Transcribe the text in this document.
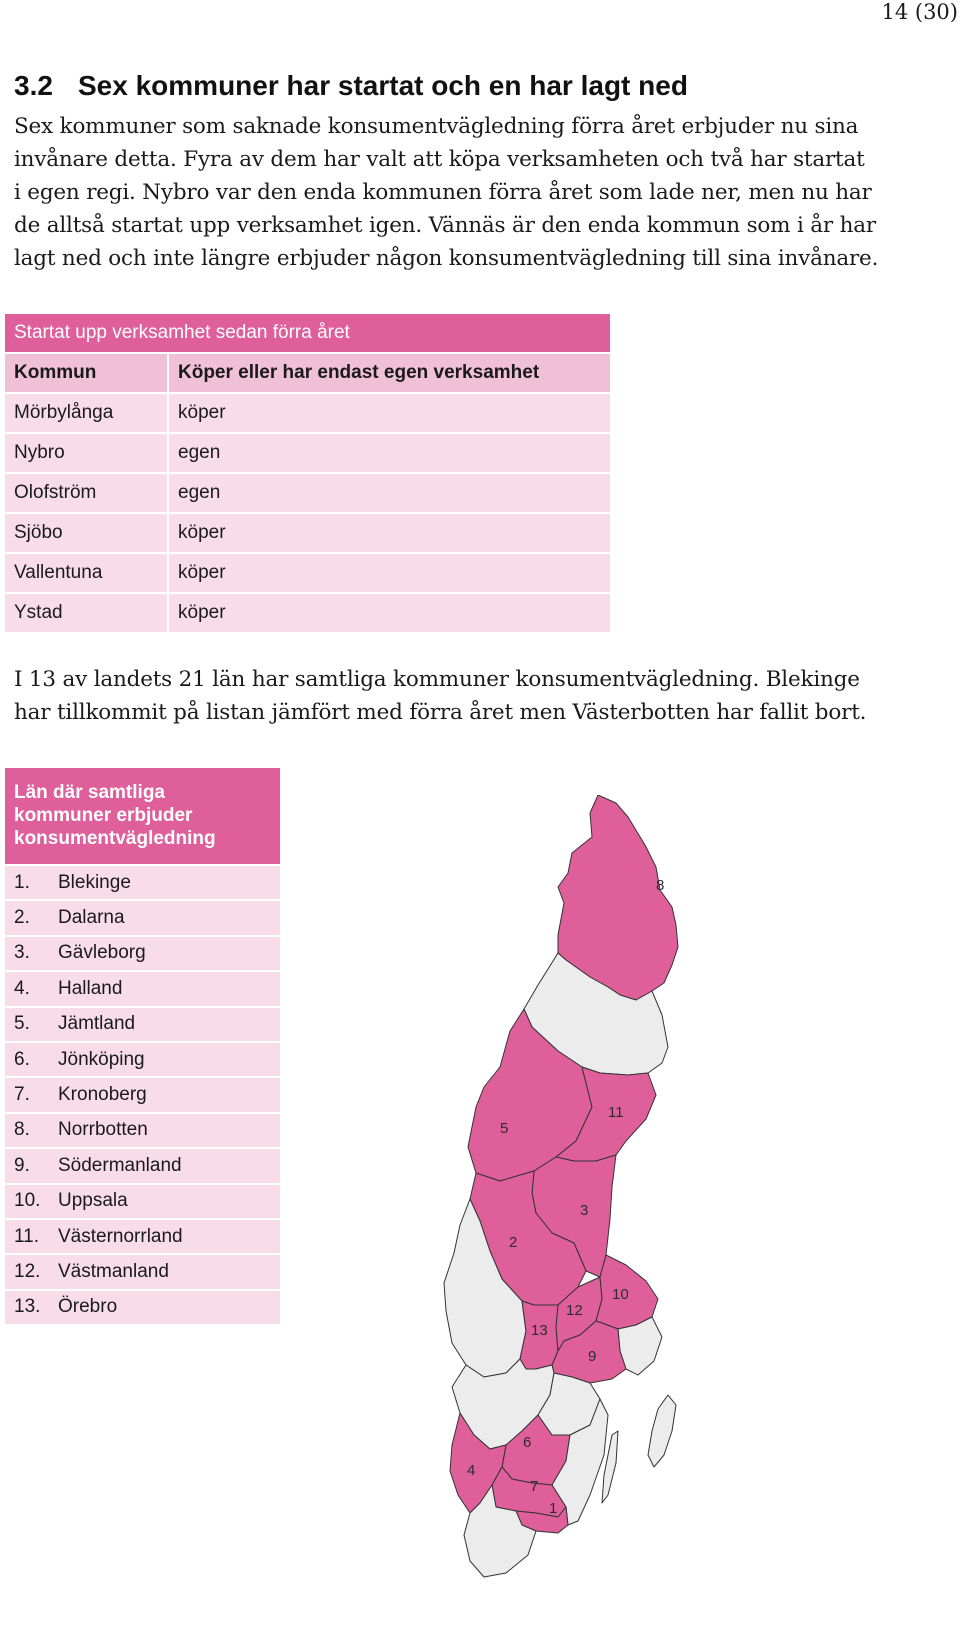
14 (30)
3.2 Sex kommuner har startat och en har lagt ned
Sex kommuner som saknade konsumentvägledning förra året erbjuder nu sina
invånare detta. Fyra av dem har valt att köpa verksamheten och två har startat
i egen regi. Nybro var den enda kommunen förra året som lade ner, men nu har
de alltså startat upp verksamhet igen. Vännäs är den enda kommun som i år har
lagt ned och inte längre erbjuder någon konsumentvägledning till sina invånare.
Startat upp verksamhet sedan förra året	
Kommun	Köper eller har endast egen verksamhet
Mörbylånga	köper
Nybro	egen
Olofström	egen
Sjöbo	köper
Vallentuna	köper
Ystad	köper
I 13 av landets 21 län har samtliga kommuner konsumentvägledning. Blekinge
har tillkommit på listan jämfört med förra året men Västerbotten har fallit bort.
Län där samtliga
kommuner erbjuder
konsumentvägledning
1.	Blekinge
2.	Dalarna
3.	Gävleborg
4.	Halland
5.	Jämtland
6.	Jönköping
7.	Kronoberg
8.	Norrbotten
9.	Södermanland
10. Uppsala
11. Västernorrland
12. Västmanland
13. Örebro
8
11
5
3
2
10
12
13
9
6
4
7
1
